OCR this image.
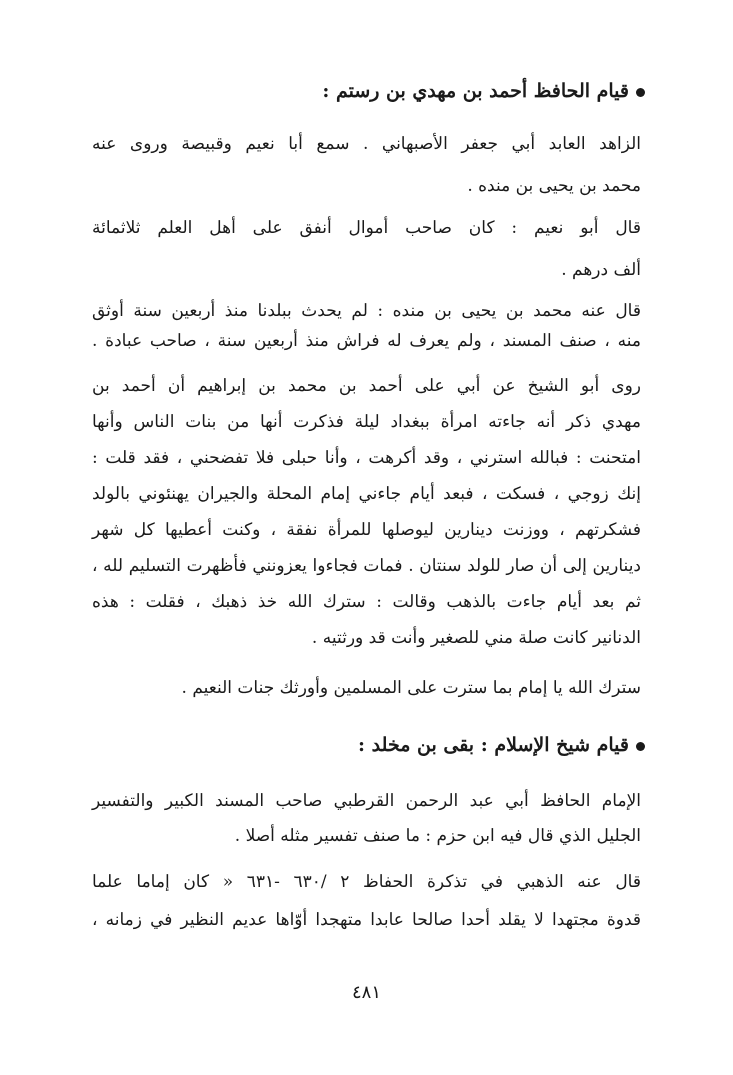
قيام الحافظ أحمد بن مهدي بن رستم :
الزاهد العابد أبي جعفر الأصبهاني . سمع أبا نعيم وقبيصة وروى عنه
محمد بن يحيى بن منده .
قال أبو نعيم : كان صاحب أموال أنفق على أهل العلم ثلاثمائة
ألف درهم .
قال عنه محمد بن يحيى بن منده : لم يحدث ببلدنا منذ أربعين سنة أوثق
منه ، صنف المسند ، ولم يعرف له فراش منذ أربعين سنة ، صاحب عبادة .
روى أبو الشيخ عن أبي على أحمد بن محمد بن إبراهيم أن أحمد بن
مهدي ذكر أنه جاءته امرأة ببغداد ليلة فذكرت أنها من بنات الناس وأنها
امتحنت : فبالله استرني ، وقد أكرهت ، وأنا حبلى فلا تفضحني ، فقد قلت :
إنك زوجي ، فسكت ، فبعد أيام جاءني إمام المحلة والجيران يهنئوني بالولد
فشكرتهم ، ووزنت دينارين ليوصلها للمرأة نفقة ، وكنت أعطيها كل شهر
دينارين إلى أن صار للولد سنتان . فمات فجاءوا يعزونني فأظهرت التسليم لله ،
ثم بعد أيام جاءت بالذهب وقالت : سترك الله خذ ذهبك ، فقلت : هذه
الدنانير كانت صلة مني للصغير وأنت قد ورثتيه .
سترك الله يا إمام بما سترت على المسلمين وأورثك جنات النعيم .
قيام شيخ الإسلام : بقى بن مخلد :
الإمام الحافظ أبي عبد الرحمن القرطبي صاحب المسند الكبير والتفسير
الجليل الذي قال فيه ابن حزم : ما صنف تفسير مثله أصلا .
قال عنه الذهبي في تذكرة الحفاظ ٢ /٦٣٠ -٦٣١ « كان إماما علما
قدوة مجتهدا لا يقلد أحدا صالحا عابدا متهجدا أوّاها عديم النظير في زمانه ،
٤٨١
